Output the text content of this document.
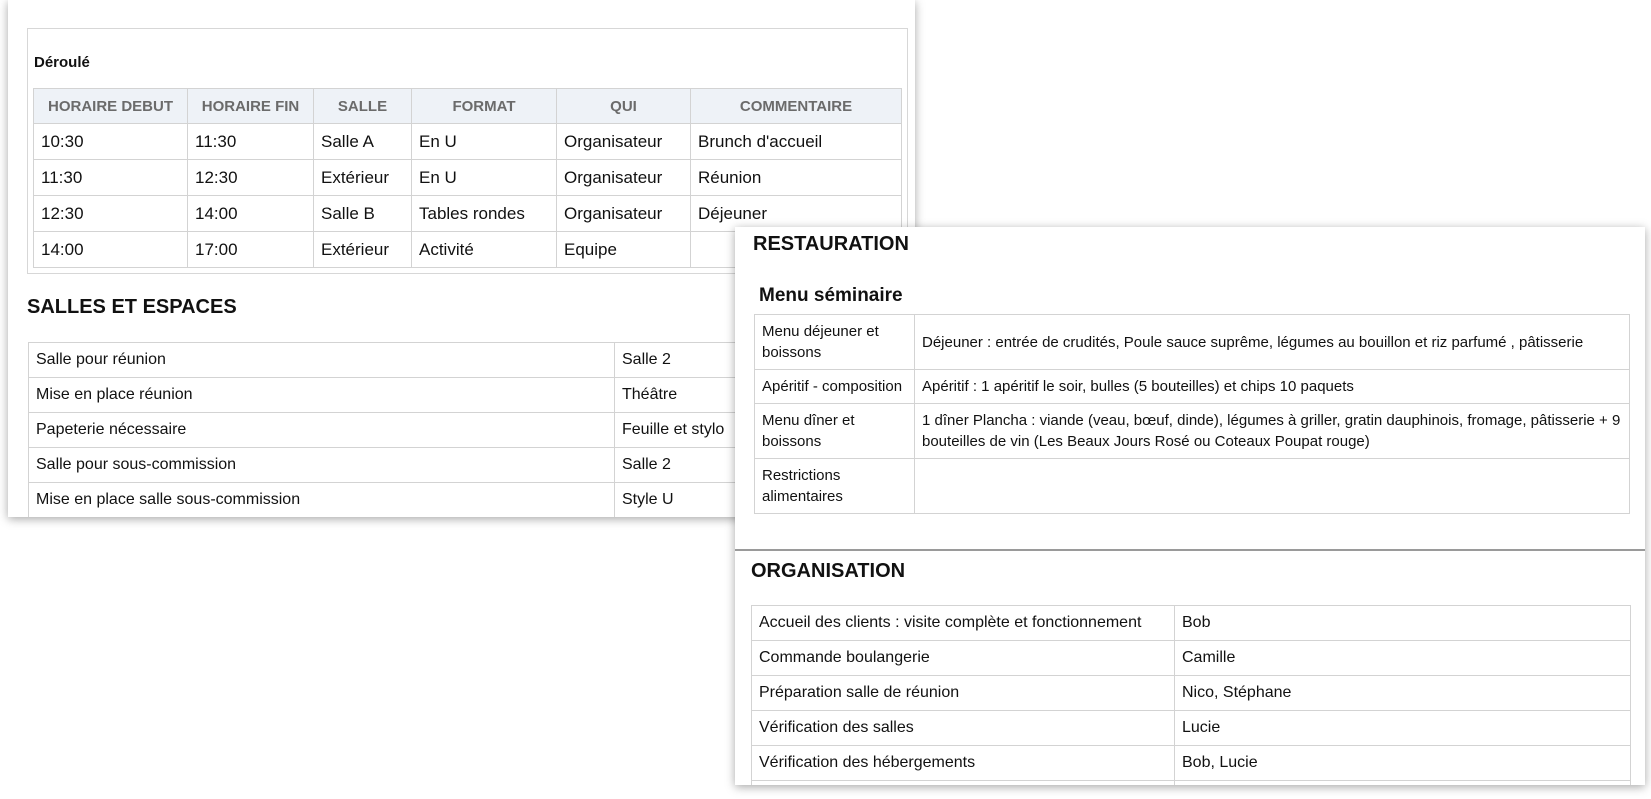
Déroulé
HORAIRE DEBUT	HORAIRE FIN	SALLE	FORMAT	QUI	COMMENTAIRE
10:30	11:30	Salle A	En U	Organisateur	Brunch d'accueil
11:30	12:30	Extérieur	En U	Organisateur	Réunion
12:30	14:00	Salle B	Tables rondes	Organisateur	Déjeuner
14:00	17:00	Extérieur	Activité	Equipe	
SALLES ET ESPACES
Salle pour réunion	Salle 2
Mise en place réunion	Théâtre
Papeterie nécessaire	Feuille et stylo
Salle pour sous-commission	Salle 2
Mise en place salle sous-commission	Style U
RESTAURATION
Menu séminaire
Menu déjeuner et boissons	Déjeuner : entrée de crudités, Poule sauce suprême, légumes au bouillon et riz parfumé , pâtisserie
Apéritif - composition	Apéritif : 1 apéritif le soir, bulles (5 bouteilles) et chips 10 paquets
Menu dîner et boissons	1 dîner Plancha : viande (veau, bœuf, dinde), légumes à griller, gratin dauphinois, fromage, pâtisserie + 9 bouteilles de vin (Les Beaux Jours Rosé ou Coteaux Poupat rouge)
Restrictions alimentaires	
ORGANISATION
Accueil des clients : visite complète et fonctionnement	Bob
Commande boulangerie	Camille
Préparation salle de réunion	Nico, Stéphane
Vérification des salles	Lucie
Vérification des hébergements	Bob, Lucie
